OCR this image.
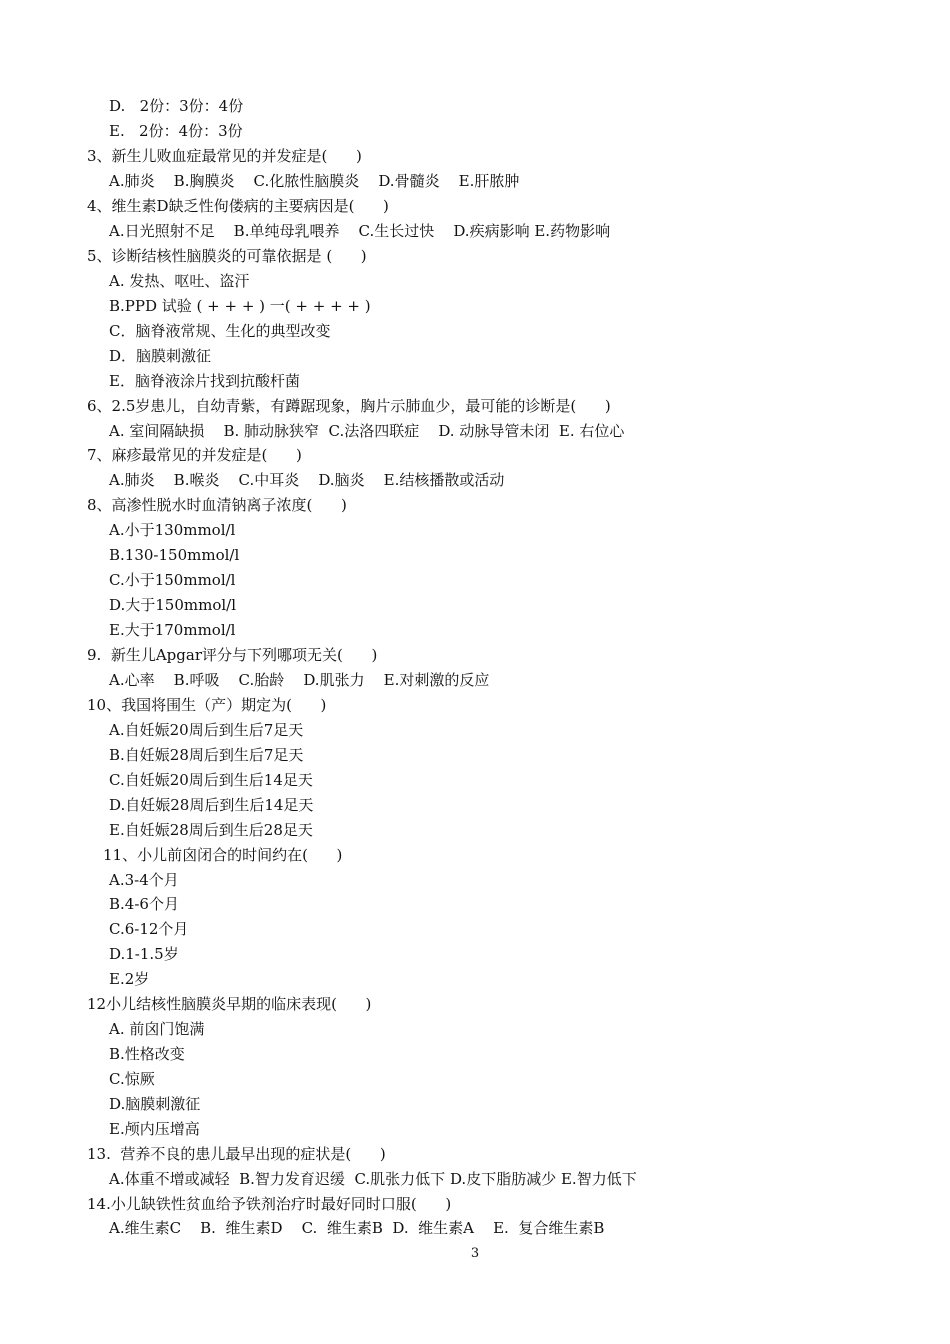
D.   2份：3份：4份
E.   2份：4份：3份
3、新生儿败血症最常见的并发症是(      )
A.肺炎    B.胸膜炎    C.化脓性脑膜炎    D.骨髓炎    E.肝脓肿
4、维生素D缺乏性佝偻病的主要病因是(      )
A.日光照射不足    B.单纯母乳喂养    C.生长过快    D.疾病影响 E.药物影响
5、诊断结核性脑膜炎的可靠依据是 (      )
A. 发热、呕吐、盗汗
B.PPD 试验 ( + + + ) 一( + + + + )
C．脑脊液常规、生化的典型改变
D．脑膜刺激征
E．脑脊液涂片找到抗酸杆菌
6、2.5岁患儿，自幼青紫，有蹲踞现象，胸片示肺血少，最可能的诊断是(      )
A. 室间隔缺损    B. 肺动脉狭窄  C.法洛四联症    D. 动脉导管未闭  E. 右位心
7、麻疹最常见的并发症是(      )
A.肺炎    B.喉炎    C.中耳炎    D.脑炎    E.结核播散或活动
8、高渗性脱水时血清钠离子浓度(      )
A.小于130mmol/l
B.130-150mmol/l
C.小于150mmol/l
D.大于150mmol/l
E.大于170mmol/l
9.  新生儿Apgar评分与下列哪项无关(      )
A.心率    B.呼吸    C.胎龄    D.肌张力    E.对刺激的反应
10、我国将围生（产）期定为(      )
A.自妊娠20周后到生后7足天
B.自妊娠28周后到生后7足天
C.自妊娠20周后到生后14足天
D.自妊娠28周后到生后14足天
E.自妊娠28周后到生后28足天
11、小儿前囟闭合的时间约在(      )
A.3-4个月
B.4-6个月
C.6-12个月
D.1-1.5岁
E.2岁
12小儿结核性脑膜炎早期的临床表现(      )
A. 前囟门饱满
B.性格改变
C.惊厥
D.脑膜刺激征
E.颅内压增高
13.  营养不良的患儿最早出现的症状是(      )
A.体重不增或减轻  B.智力发育迟缓  C.肌张力低下 D.皮下脂肪减少 E.智力低下
14.小儿缺铁性贫血给予铁剂治疗时最好同时口服(      )
A.维生素C    B.  维生素D    C.  维生素B  D.  维生素A    E.  复合维生素B
3
